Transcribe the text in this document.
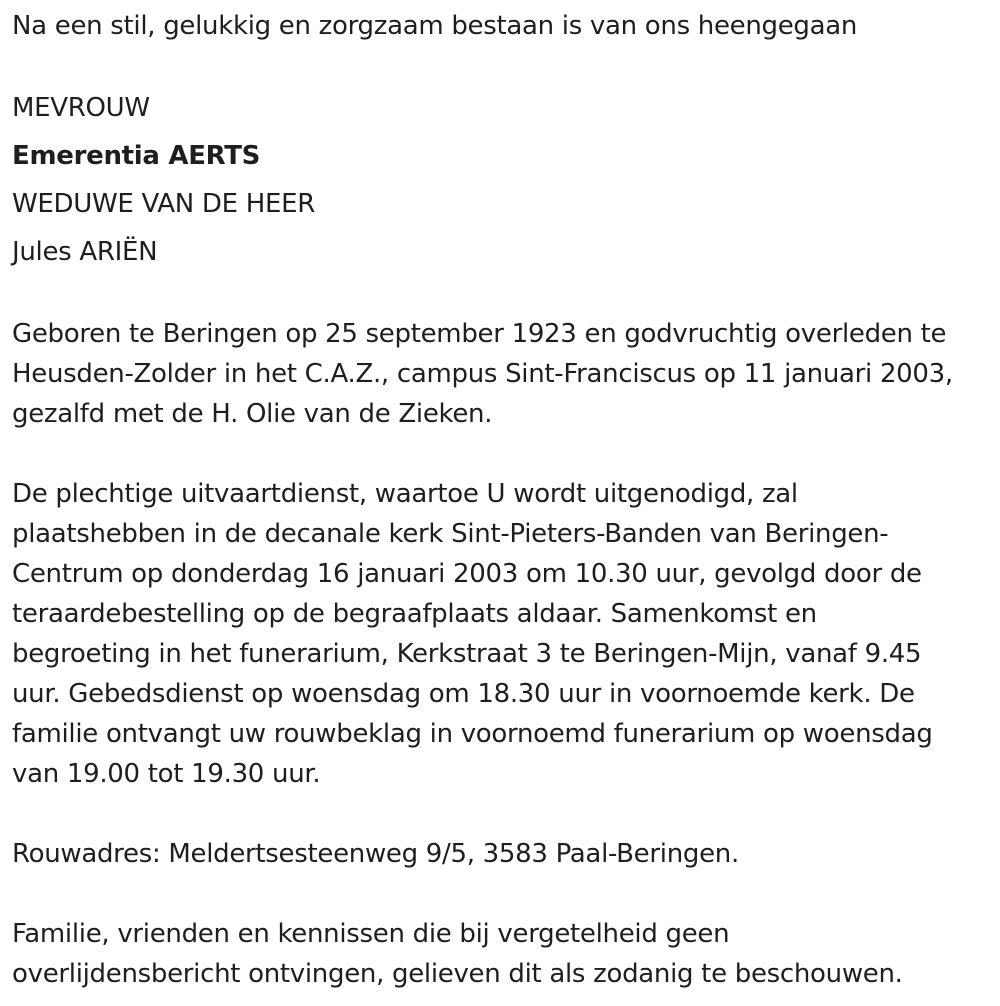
Na een stil, gelukkig en zorgzaam bestaan is van ons heengegaan

MEVROUW

Emerentia AERTS

WEDUWE VAN DE HEER

Jules ARIËN

Geboren te Beringen op 25 september 1923 en godvruchtig overleden te

Heusden-Zolder in het C.A.Z., campus Sint-Franciscus op 11 januari 2003,

gezalfd met de H. Olie van de Zieken.

De plechtige uitvaartdienst, waartoe U wordt uitgenodigd, zal

plaatshebben in de decanale kerk Sint-Pieters-Banden van Beringen-

Centrum op donderdag 16 januari 2003 om 10.30 uur, gevolgd door de

teraardebestelling op de begraafplaats aldaar. Samenkomst en

begroeting in het funerarium, Kerkstraat 3 te Beringen-Mijn, vanaf 9.45

uur. Gebedsdienst op woensdag om 18.30 uur in voornoemde kerk. De

familie ontvangt uw rouwbeklag in voornoemd funerarium op woensdag

van 19.00 tot 19.30 uur.

Rouwadres: Meldertsesteenweg 9/5, 3583 Paal-Beringen.

Familie, vrienden en kennissen die bij vergetelheid geen

overlijdensbericht ontvingen, gelieven dit als zodanig te beschouwen.
